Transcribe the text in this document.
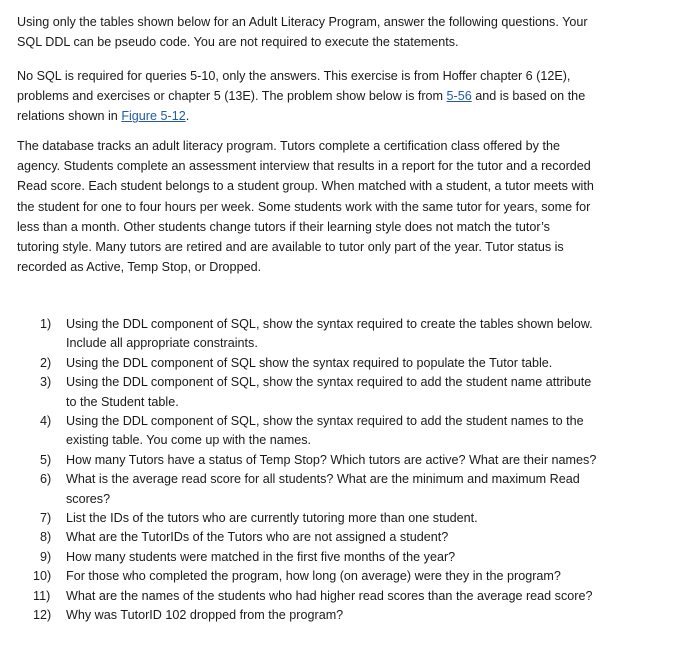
Using only the tables shown below for an Adult Literacy Program, answer the following questions. Your
SQL DDL can be pseudo code. You are not required to execute the statements.

No SQL is required for queries 5-10, only the answers. This exercise is from Hoffer chapter 6 (12E),
problems and exercises or chapter 5 (13E). The problem show below is from 5-56 and is based on the
relations shown in Figure 5-12.

The database tracks an adult literacy program. Tutors complete a certification class offered by the
agency. Students complete an assessment interview that results in a report for the tutor and a recorded
Read score. Each student belongs to a student group. When matched with a student, a tutor meets with
the student for one to four hours per week. Some students work with the same tutor for years, some for
less than a month. Other students change tutors if their learning style does not match the tutor’s
tutoring style. Many tutors are retired and are available to tutor only part of the year. Tutor status is
recorded as Active, Temp Stop, or Dropped.

1) Using the DDL component of SQL, show the syntax required to create the tables shown below.
Include all appropriate constraints.
2) Using the DDL component of SQL show the syntax required to populate the Tutor table.
3) Using the DDL component of SQL, show the syntax required to add the student name attribute
to the Student table.
4) Using the DDL component of SQL, show the syntax required to add the student names to the
existing table. You come up with the names.
5) How many Tutors have a status of Temp Stop? Which tutors are active? What are their names?
6) What is the average read score for all students? What are the minimum and maximum Read
scores?
7) List the IDs of the tutors who are currently tutoring more than one student.
8) What are the TutorIDs of the Tutors who are not assigned a student?
9) How many students were matched in the first five months of the year?
10) For those who completed the program, how long (on average) were they in the program?
11) What are the names of the students who had higher read scores than the average read score?
12) Why was TutorID 102 dropped from the program?
